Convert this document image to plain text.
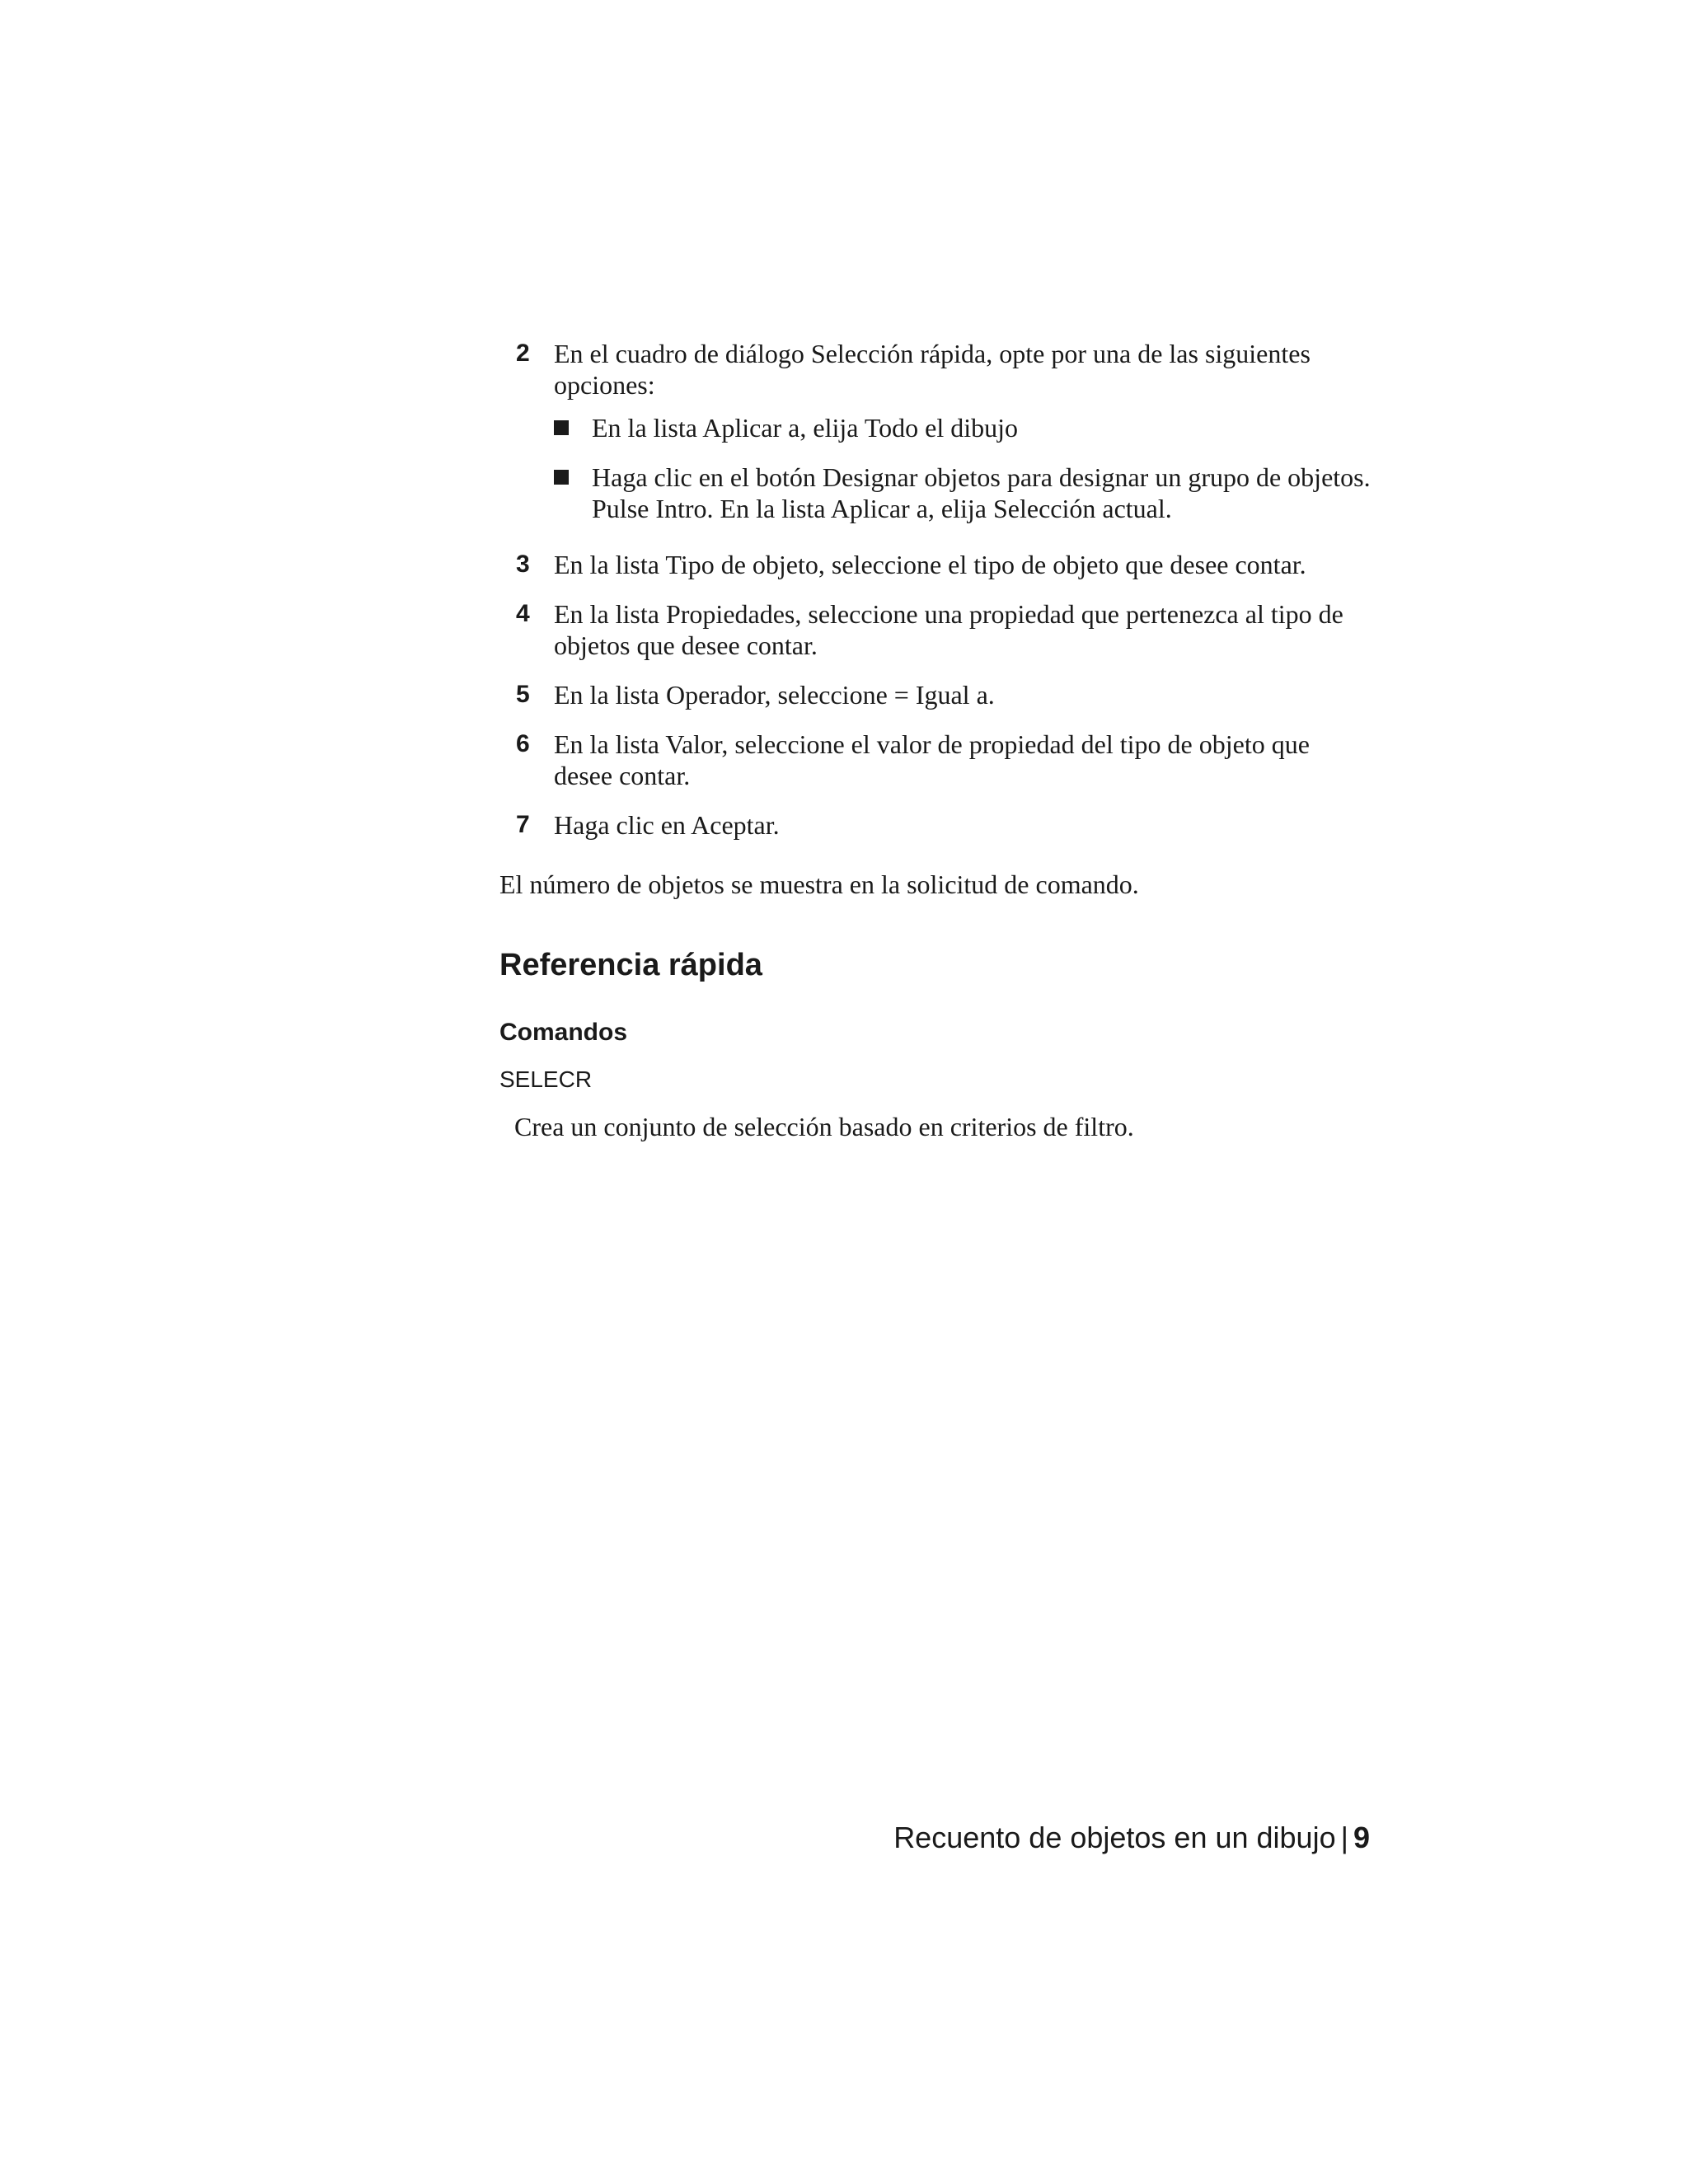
2 En el cuadro de diálogo Selección rápida, opte por una de las siguientes opciones:
En la lista Aplicar a, elija Todo el dibujo
Haga clic en el botón Designar objetos para designar un grupo de objetos. Pulse Intro. En la lista Aplicar a, elija Selección actual.
3 En la lista Tipo de objeto, seleccione el tipo de objeto que desee contar.
4 En la lista Propiedades, seleccione una propiedad que pertenezca al tipo de objetos que desee contar.
5 En la lista Operador, seleccione = Igual a.
6 En la lista Valor, seleccione el valor de propiedad del tipo de objeto que desee contar.
7 Haga clic en Aceptar.
El número de objetos se muestra en la solicitud de comando.
Referencia rápida
Comandos
SELECR
Crea un conjunto de selección basado en criterios de filtro.
Recuento de objetos en un dibujo | 9
